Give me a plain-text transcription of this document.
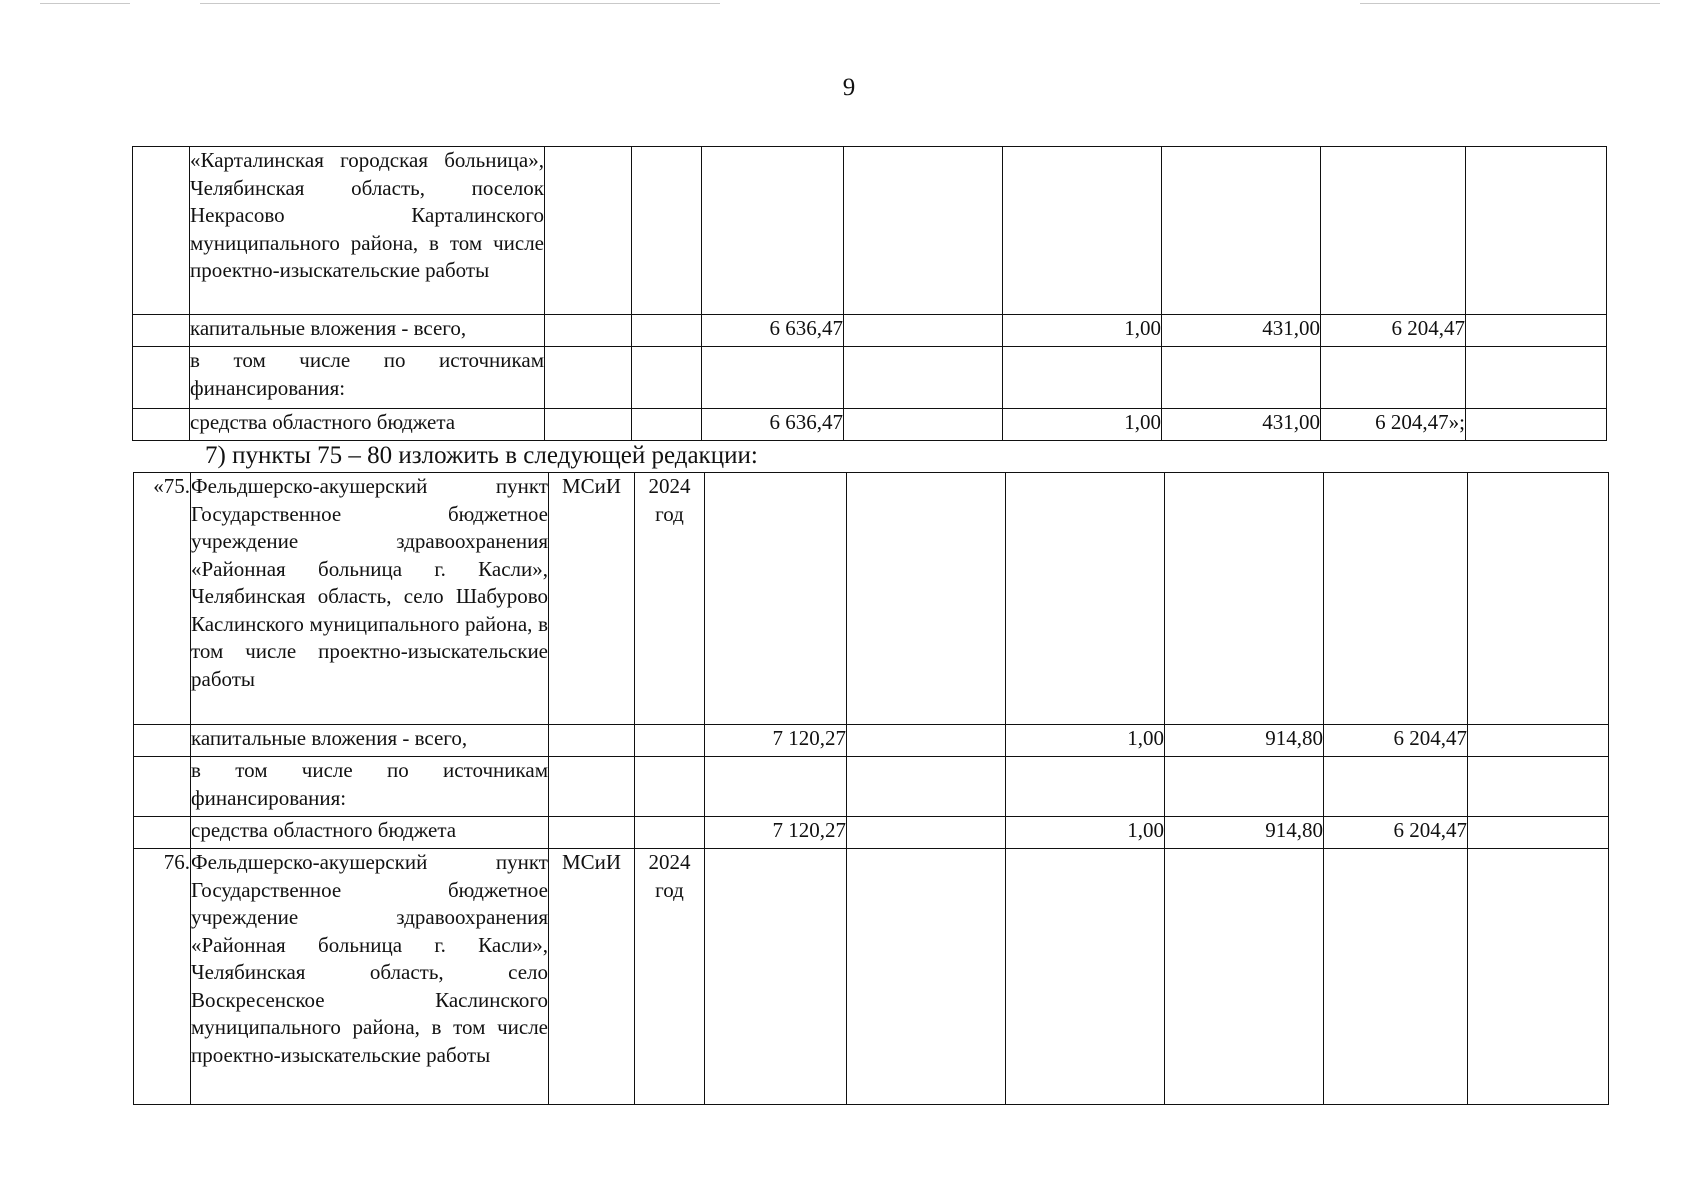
9
	«Карталинская городская больница», Челябинская область, поселок Некрасово Карталинского муниципального района, в том числе проектно-изыскательские работы								
	капитальные вложения - всего,			6 636,47		1,00	431,00	6 204,47	
	в том числе по источникам финансирования:								
	средства областного бюджета			6 636,47		1,00	431,00	6 204,47»;	
7) пункты 75 – 80 изложить в следующей редакции:
«75.	Фельдшерско-акушерский пункт Государственное бюджетное учреждение здравоохранения «Районная больница г. Касли», Челябинская область, село Шабурово Каслинского муниципального района, в том числе проектно-изыскательские работы	МСиИ	2024 год						
	капитальные вложения - всего,			7 120,27		1,00	914,80	6 204,47	
	в том числе по источникам финансирования:								
	средства областного бюджета			7 120,27		1,00	914,80	6 204,47	
76.	Фельдшерско-акушерский пункт Государственное бюджетное учреждение здравоохранения «Районная больница г. Касли», Челябинская область, село Воскресенское Каслинского муниципального района, в том числе проектно-изыскательские работы	МСиИ	2024 год						
